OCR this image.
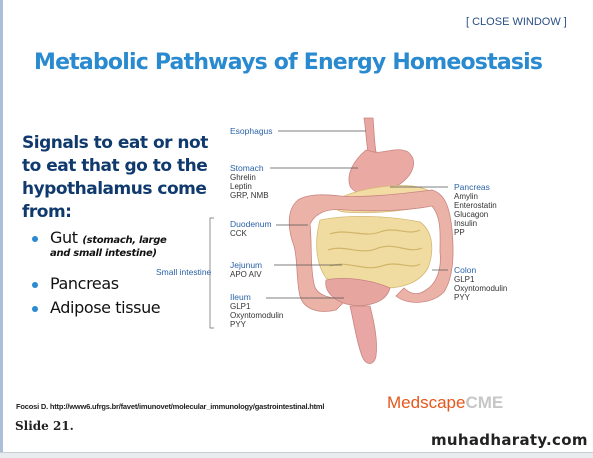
[ CLOSE WINDOW ]
Metabolic Pathways of Energy Homeostasis
Signals to eat or not to eat that go to the hypothalamus come from:
Gut (stomach, large
and small intestine)
Pancreas
Adipose tissue
Esophagus
Stomach
Ghrelin
Leptin
GRP, NMB
Duodenum
CCK
Small intestine
Jejunum
APO AIV
Ileum
GLP1
Oxyntomodulin
PYY
Pancreas
Amylin
Enterostatin
Glucagon
Insulin
PP
Colon
GLP1
Oxyntomodulin
PYY
Focosi D. http://www6.ufrgs.br/favet/imunovet/molecular_immunology/gastrointestinal.html	MedscapeCME
Slide 21.
muhadharaty.com
